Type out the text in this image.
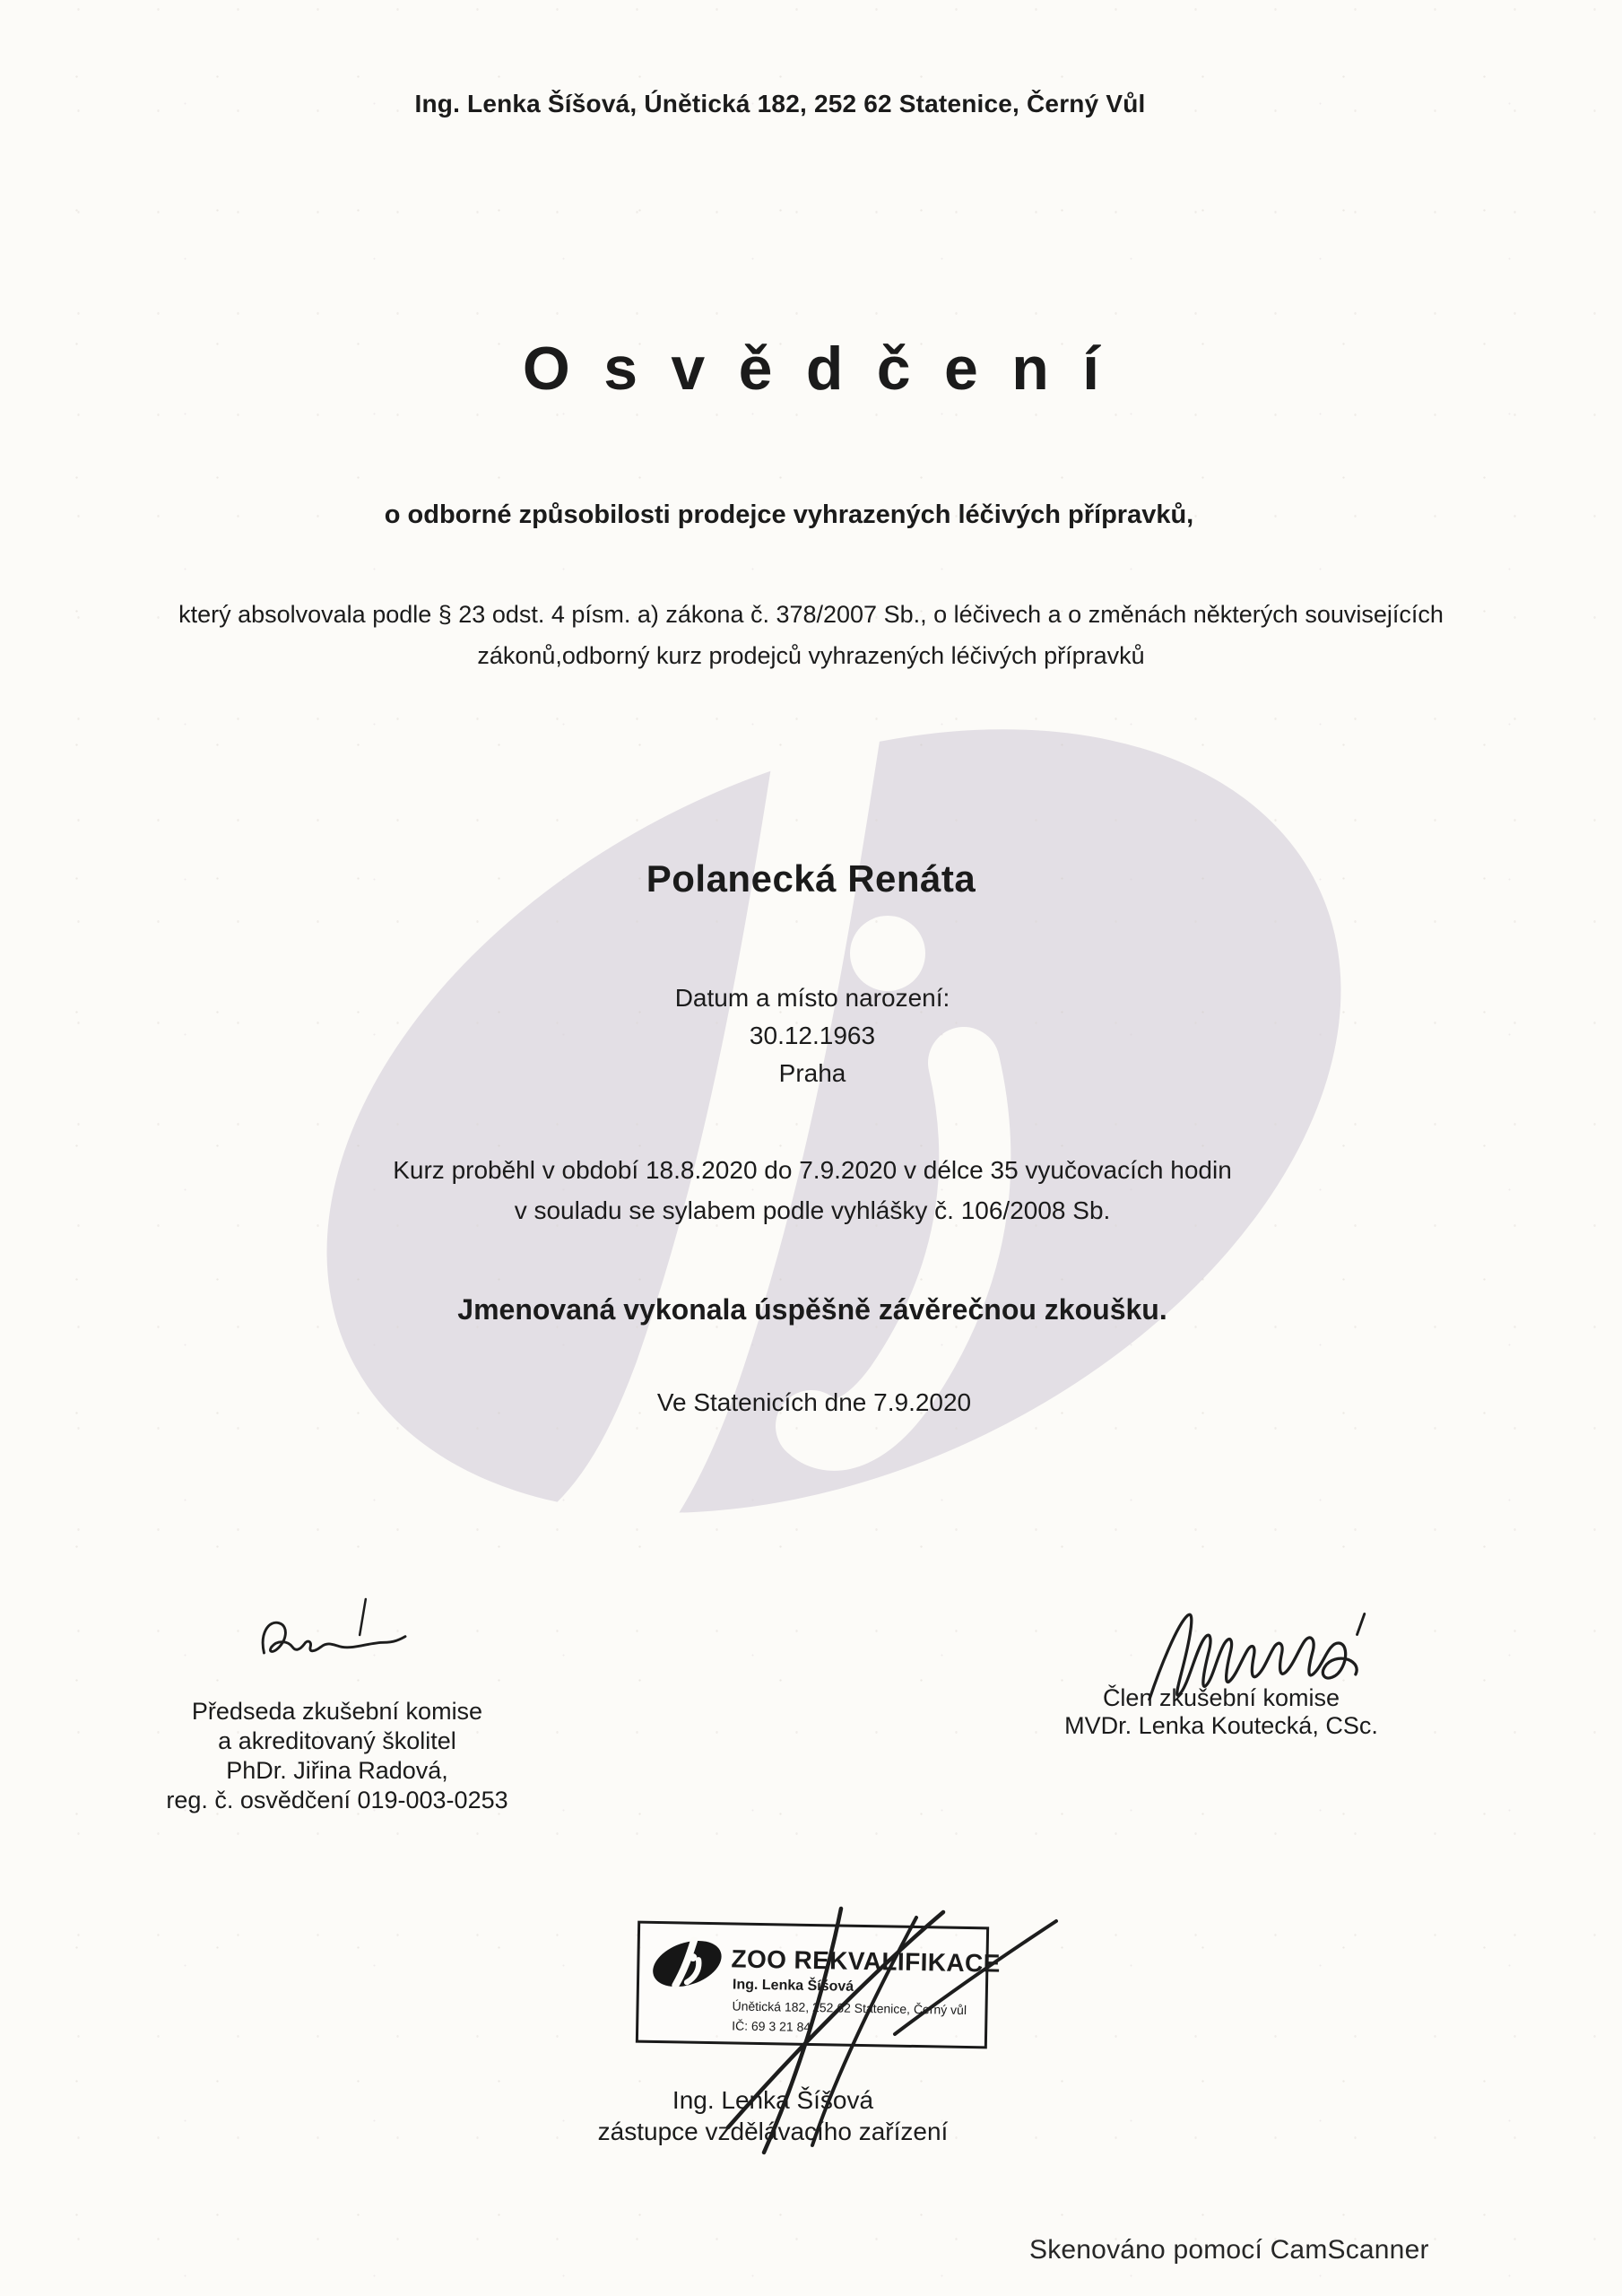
Ing. Lenka Šíšová, Únětická 182, 252 62 Statenice, Černý Vůl
Osvědčení
o odborné způsobilosti prodejce vyhrazených léčivých přípravků,
který absolvovala podle § 23 odst. 4 písm. a) zákona č. 378/2007 Sb., o léčivech a o změnách některých souvisejících
zákonů,odborný kurz prodejců vyhrazených léčivých přípravků
Polanecká Renáta
Datum a místo narození:
30.12.1963
Praha
Kurz proběhl v období 18.8.2020 do 7.9.2020 v délce 35 vyučovacích hodin
v souladu se sylabem podle vyhlášky č. 106/2008 Sb.
Jmenovaná vykonala úspěšně závěrečnou zkoušku.
Ve Statenicích dne 7.9.2020
Předseda zkušební komise
a akreditovaný školitel
PhDr. Jiřina Radová,
reg. č. osvědčení 019-003-0253
Člen zkušební komise
MVDr. Lenka Koutecká, CSc.
ZOO REKVALIFIKACE
Ing. Lenka Šíšová
Únětická 182, 252 62 Statenice, Černý vůl
IČ: 69 3 21 84
Ing. Lenka Šíšová
zástupce vzdělávacího zařízení
Skenováno pomocí CamScanner
